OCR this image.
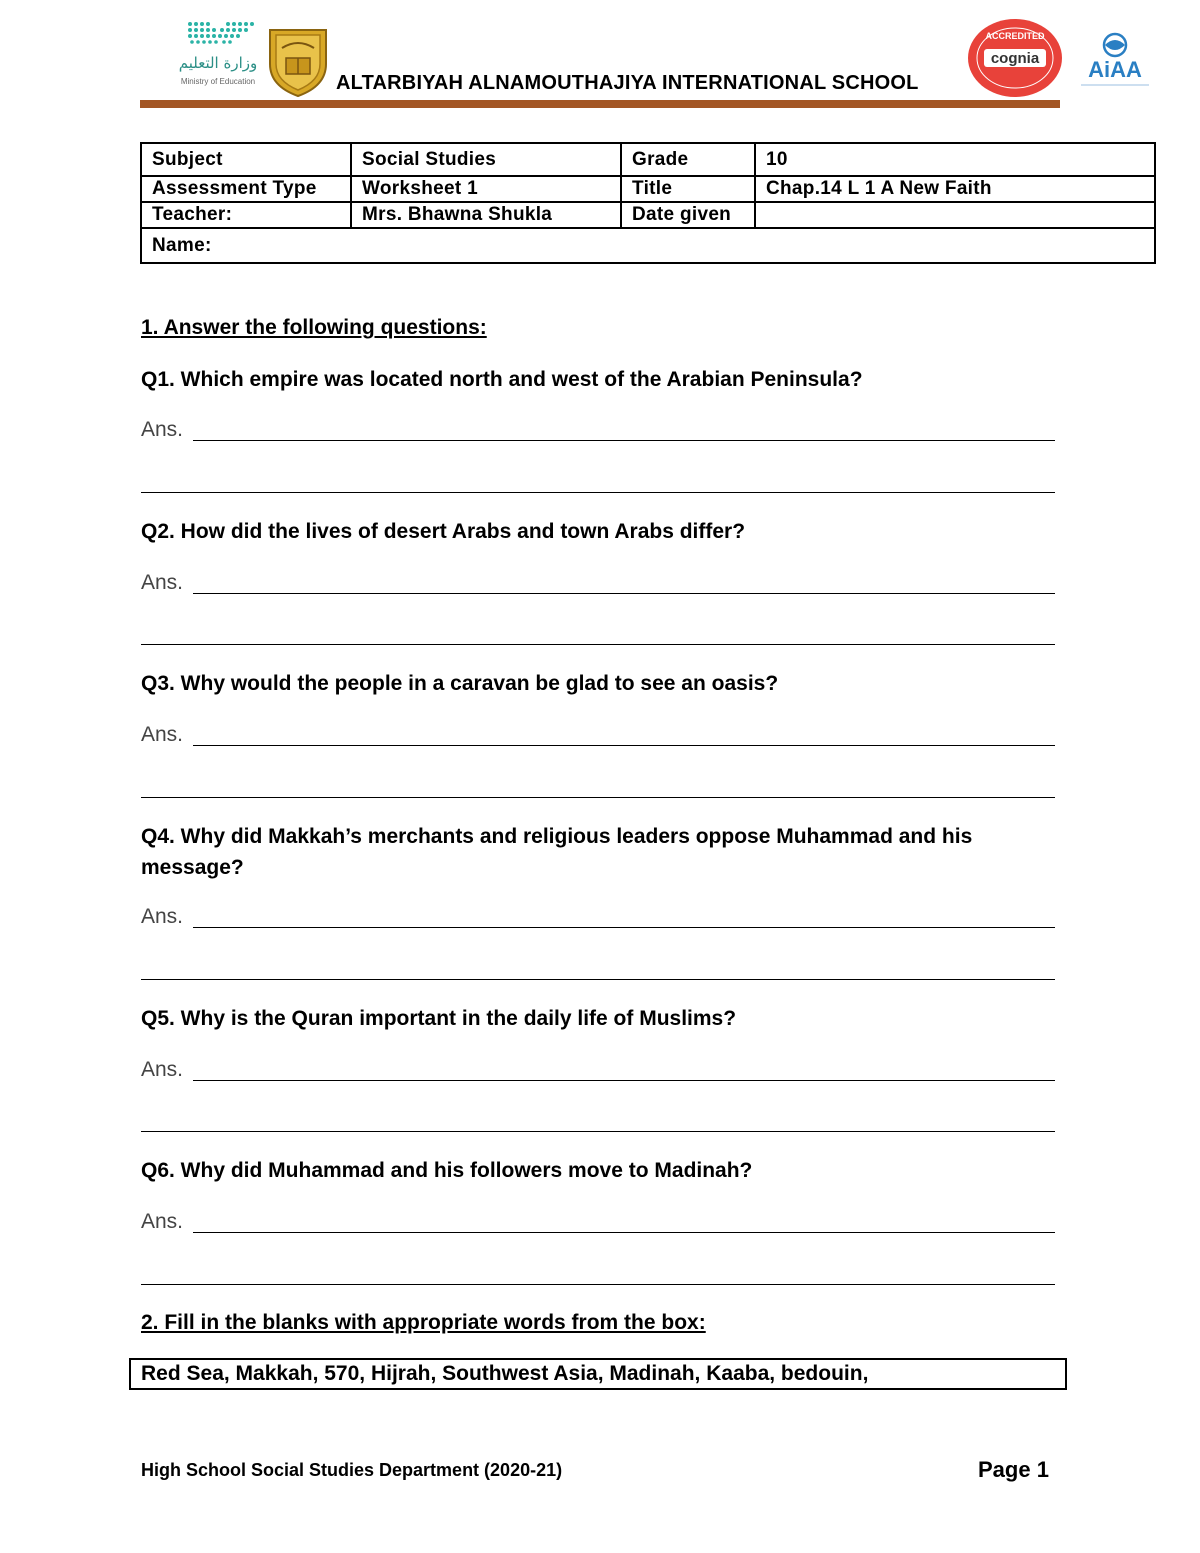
وزارة التعليم
Ministry of Education	ALTARBIYAH ALNAMOUTHAJIYA INTERNATIONAL SCHOOL
ACCREDITED
cognia AiAA
Subject	Social Studies	Grade	10
Assessment Type	Worksheet 1	Title	Chap.14 L 1 A New Faith
Teacher:	Mrs. Bhawna Shukla	Date given	
Name:			
1. Answer the following questions:
Q1. Which empire was located north and west of the Arabian Peninsula?
Ans.
Q2. How did the lives of desert Arabs and town Arabs differ?
Ans.
Q3. Why would the people in a caravan be glad to see an oasis?
Ans.
Q4. Why did Makkah’s merchants and religious leaders oppose Muhammad and his message?
Ans.
Q5. Why is the Quran important in the daily life of Muslims?
Ans.
Q6. Why did Muhammad and his followers move to Madinah?
Ans.
2. Fill in the blanks with appropriate words from the box:
Red Sea, Makkah, 570, Hijrah, Southwest Asia, Madinah, Kaaba, bedouin,
High School Social Studies Department (2020-21)	Page 1
